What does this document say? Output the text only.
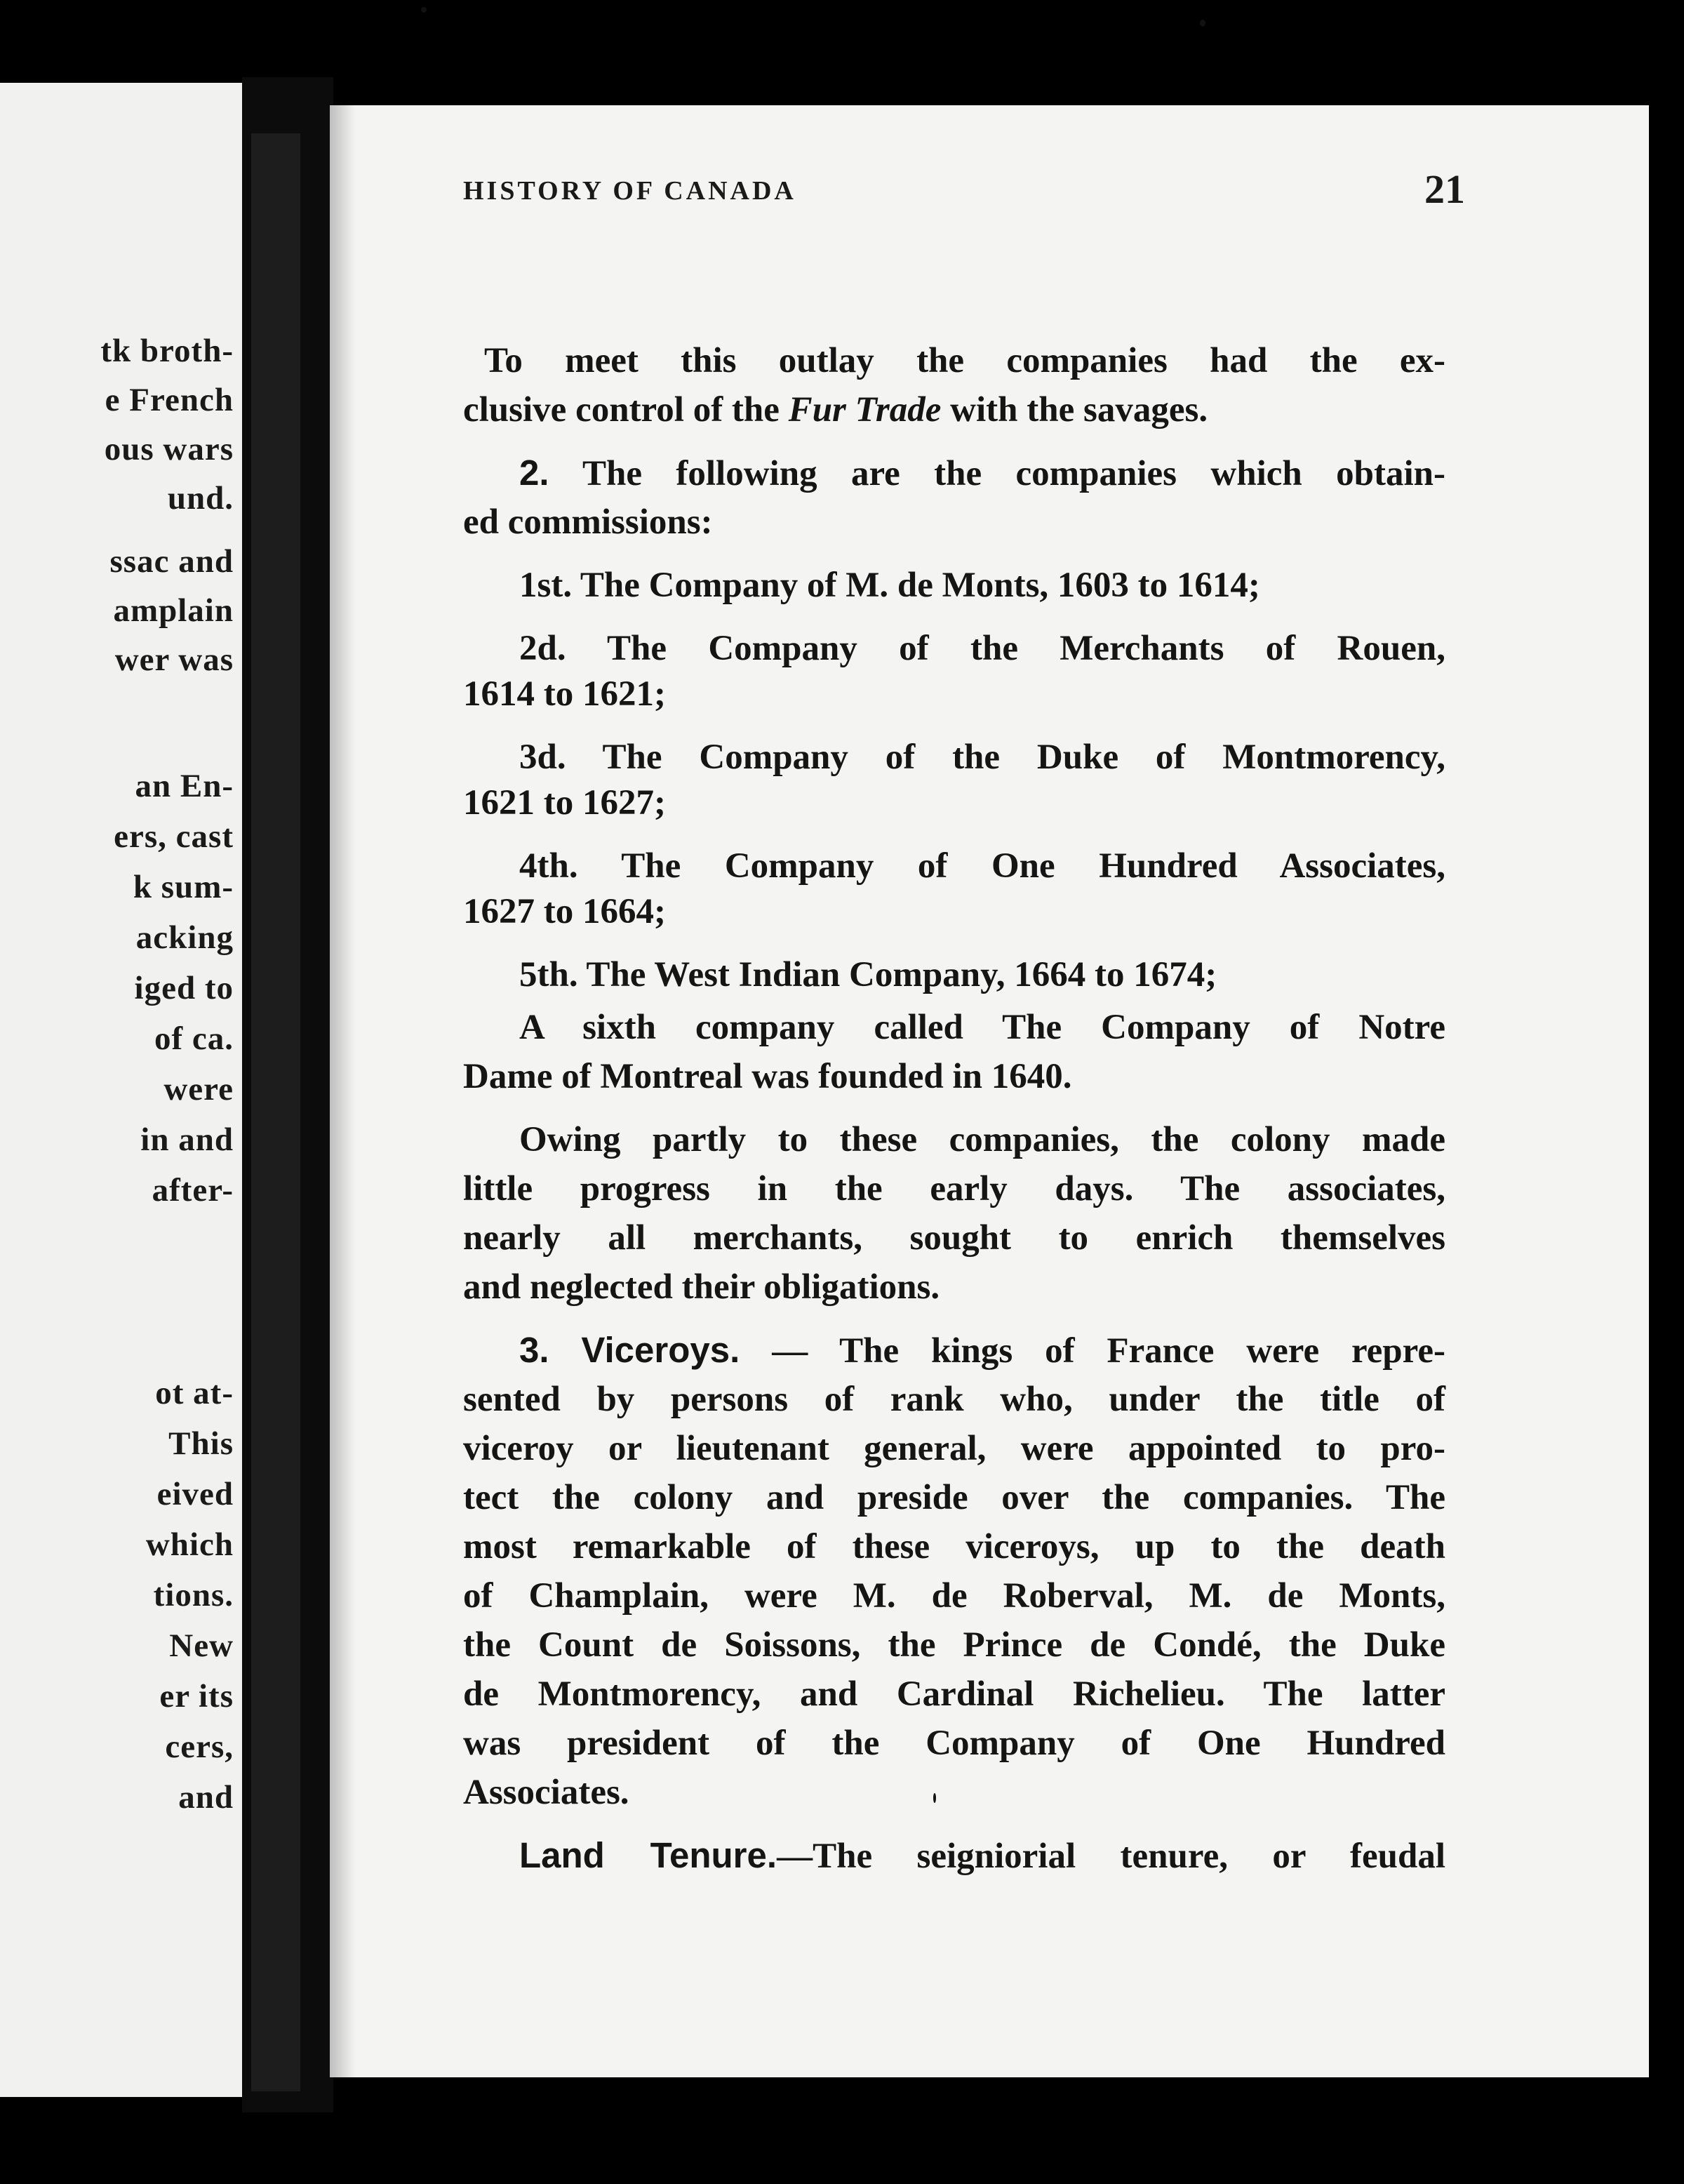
tk broth-

e French

ous wars

und.

ssac and

amplain

wer was

an En-

ers, cast

k sum-

acking

iged to

of ca.

were

in and

after-

ot at-

This

eived

which

tions.

New

er its

cers,

and

HISTORY OF CANADA	21

To meet this outlay the companies had the ex-

clusive control of the Fur Trade with the savages.

2. The following are the companies which obtain-

ed commissions:

1st. The Company of M. de Monts, 1603 to 1614;

2d. The Company of the Merchants of Rouen,

1614 to 1621;

3d. The Company of the Duke of Montmorency,

1621 to 1627;

4th. The Company of One Hundred Associates,

1627 to 1664;

5th. The West Indian Company, 1664 to 1674;

A sixth company called The Company of Notre

Dame of Montreal was founded in 1640.

Owing partly to these companies, the colony made

little progress in the early days. The associates,

nearly all merchants, sought to enrich themselves

and neglected their obligations.

3. Viceroys. — The kings of France were repre-

sented by persons of rank who, under the title of

viceroy or lieutenant general, were appointed to pro-

tect the colony and preside over the companies. The

most remarkable of these viceroys, up to the death

of Champlain, were M. de Roberval, M. de Monts,

the Count de Soissons, the Prince de Condé, the Duke

de Montmorency, and Cardinal Richelieu. The latter

was president of the Company of One Hundred

Associates.

Land Tenure.—The seigniorial tenure, or feudal
